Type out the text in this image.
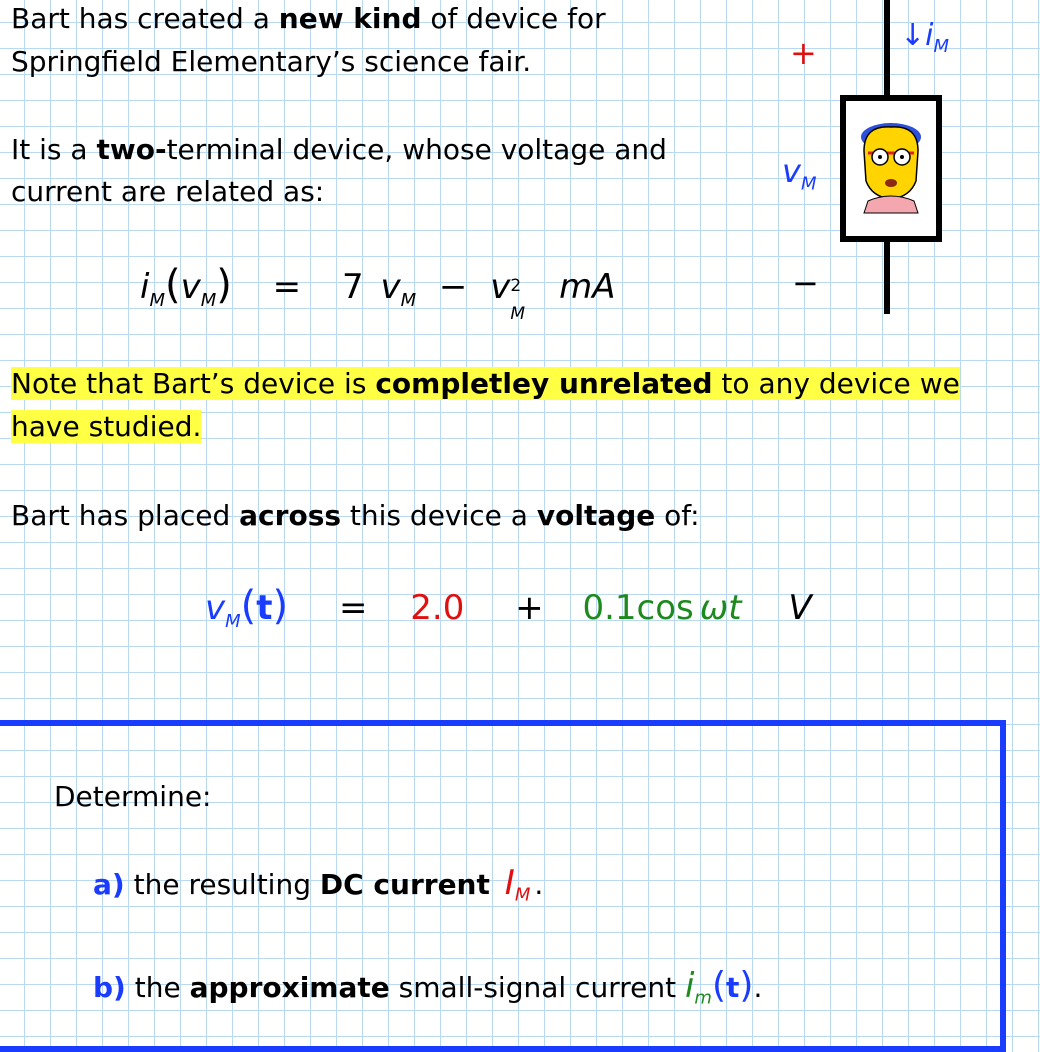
Bart has created a new kind of device for
Springfield Elementary’s science fair.
It is a two-terminal device, whose voltage and
current are related as:
$i_M(v_M) = 7$ $v_M - v$ 2
M
mA
+
−
$v_M$
$↓i_M$
Note that Bart’s device is completley unrelated to any device we have studied.
Bart has placed across this device a voltage of:
$v_M(t) = 2.0 + 0.1\cos$ ωt V
Determine:
a) the resulting DC current $I_M$ .
b) the approximate small-signal current $i_m(t)$.
